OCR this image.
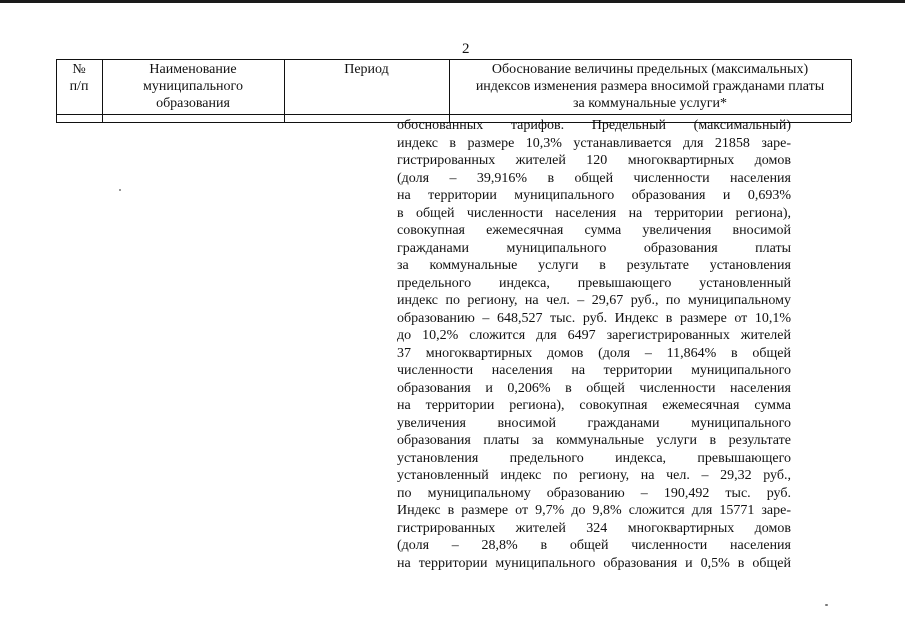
2
№
п/п
Наименование
муниципального
образования
Период	Обоснование величины предельных (максимальных)
индексов изменения размера вносимой гражданами платы
за коммунальные услуги*
обоснованных тарифов. Предельный (максимальный)
индекс в размере 10,3% устанавливается для 21858 заре-
гистрированных жителей 120 многоквартирных домов
(доля – 39,916% в общей численности населения
на территории муниципального образования и 0,693%
в общей численности населения на территории региона),
совокупная ежемесячная сумма увеличения вносимой
гражданами муниципального образования платы
за коммунальные услуги в результате установления
предельного индекса, превышающего установленный
индекс по региону, на чел. – 29,67 руб., по муниципальному
образованию – 648,527 тыс. руб. Индекс в размере от 10,1%
до 10,2% сложится для 6497 зарегистрированных жителей
37 многоквартирных домов (доля – 11,864% в общей
численности населения на территории муниципального
образования и 0,206% в общей численности населения
на территории региона), совокупная ежемесячная сумма
увеличения вносимой гражданами муниципального
образования платы за коммунальные услуги в результате
установления предельного индекса, превышающего
установленный индекс по региону, на чел. – 29,32 руб.,
по муниципальному образованию – 190,492 тыс. руб.
Индекс в размере от 9,7% до 9,8% сложится для 15771 заре-
гистрированных жителей 324 многоквартирных домов
(доля – 28,8% в общей численности населения
на территории муниципального образования и 0,5% в общей
